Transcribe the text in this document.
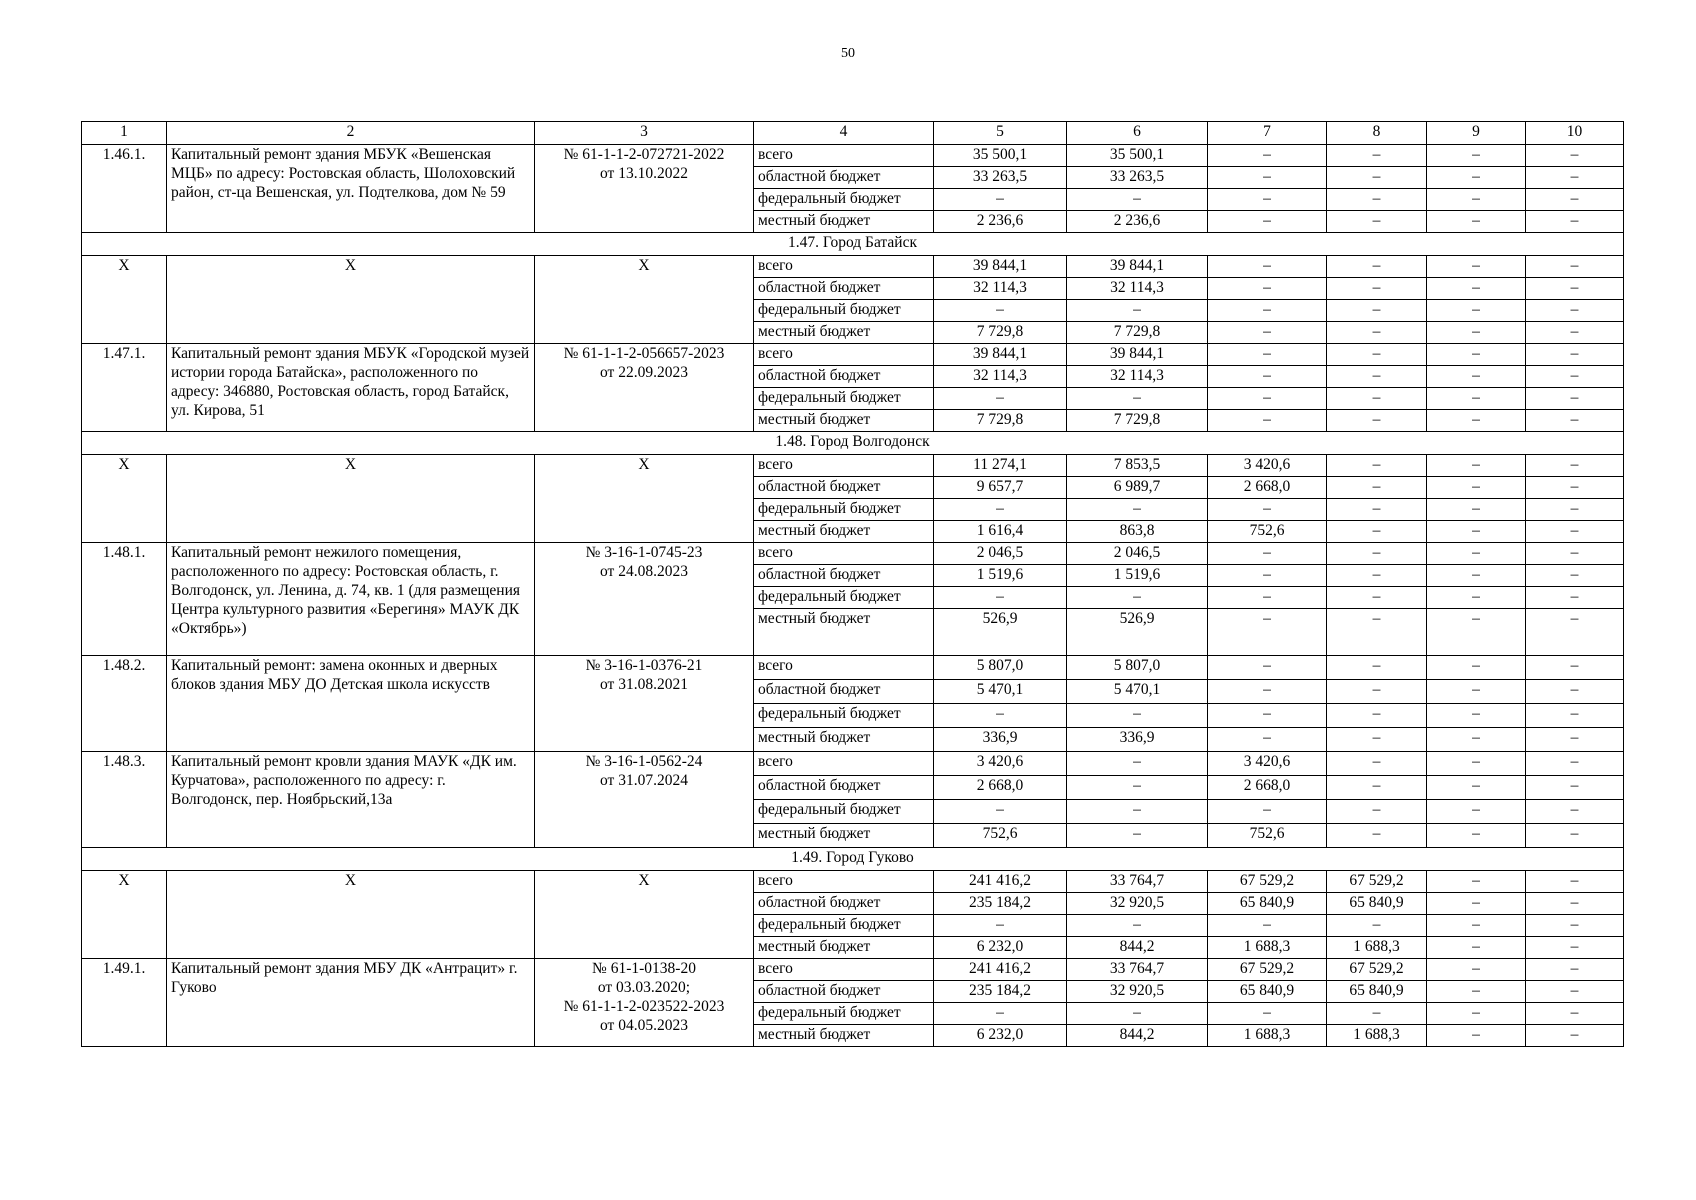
50
1	2	3	4	5	6	7	8	9	10
1.46.1.	Капитальный ремонт здания МБУК «Вешенская МЦБ» по адресу: Ростовская область, Шолоховский район, ст-ца Вешенская, ул. Подтелкова, дом № 59	№ 61-1-1-2-072721-2022
от 13.10.2022	всего	35 500,1	35 500,1	–	–	–	–
			областной бюджет	33 263,5	33 263,5	–	–	–	–
			федеральный бюджет	–	–	–	–	–	–
			местный бюджет	2 236,6	2 236,6	–	–	–	–
1.47. Город Батайск									
X	X	X	всего	39 844,1	39 844,1	–	–	–	–
			областной бюджет	32 114,3	32 114,3	–	–	–	–
			федеральный бюджет	–	–	–	–	–	–
			местный бюджет	7 729,8	7 729,8	–	–	–	–
1.47.1.	Капитальный ремонт здания МБУК «Городской музей истории города Батайска», расположенного по адресу: 346880, Ростовская область, город Батайск, ул. Кирова, 51	№ 61-1-1-2-056657-2023
от 22.09.2023	всего	39 844,1	39 844,1	–	–	–	–
			областной бюджет	32 114,3	32 114,3	–	–	–	–
			федеральный бюджет	–	–	–	–	–	–
			местный бюджет	7 729,8	7 729,8	–	–	–	–
1.48. Город Волгодонск									
X	X	X	всего	11 274,1	7 853,5	3 420,6	–	–	–
			областной бюджет	9 657,7	6 989,7	2 668,0	–	–	–
			федеральный бюджет	–	–	–	–	–	–
			местный бюджет	1 616,4	863,8	752,6	–	–	–
1.48.1.	Капитальный ремонт нежилого помещения, расположенного по адресу: Ростовская область, г. Волгодонск, ул. Ленина, д. 74, кв. 1 (для размещения Центра культурного развития «Берегиня» МАУК ДК «Октябрь»)	№ 3-16-1-0745-23
от 24.08.2023	всего	2 046,5	2 046,5	–	–	–	–
			областной бюджет	1 519,6	1 519,6	–	–	–	–
			федеральный бюджет	–	–	–	–	–	–
			местный бюджет	526,9	526,9	–	–	–	–
1.48.2.	Капитальный ремонт: замена оконных и дверных блоков здания МБУ ДО Детская школа искусств	№ 3-16-1-0376-21
от 31.08.2021	всего	5 807,0	5 807,0	–	–	–	–
			областной бюджет	5 470,1	5 470,1	–	–	–	–
			федеральный бюджет	–	–	–	–	–	–
			местный бюджет	336,9	336,9	–	–	–	–
1.48.3.	Капитальный ремонт кровли здания МАУК «ДК им. Курчатова», расположенного по адресу: г. Волгодонск, пер. Ноябрьский,13а	№ 3-16-1-0562-24
от 31.07.2024	всего	3 420,6	–	3 420,6	–	–	–
			областной бюджет	2 668,0	–	2 668,0	–	–	–
			федеральный бюджет	–	–	–	–	–	–
			местный бюджет	752,6	–	752,6	–	–	–
1.49. Город Гуково									
X	X	X	всего	241 416,2	33 764,7	67 529,2	67 529,2	–	–
			областной бюджет	235 184,2	32 920,5	65 840,9	65 840,9	–	–
			федеральный бюджет	–	–	–	–	–	–
			местный бюджет	6 232,0	844,2	1 688,3	1 688,3	–	–
1.49.1.	Капитальный ремонт здания МБУ ДК «Антрацит» г. Гуково	№ 61-1-0138-20
от 03.03.2020;
№ 61-1-1-2-023522-2023
от 04.05.2023	всего	241 416,2	33 764,7	67 529,2	67 529,2	–	–
			областной бюджет	235 184,2	32 920,5	65 840,9	65 840,9	–	–
			федеральный бюджет	–	–	–	–	–	–
			местный бюджет	6 232,0	844,2	1 688,3	1 688,3	–	–
